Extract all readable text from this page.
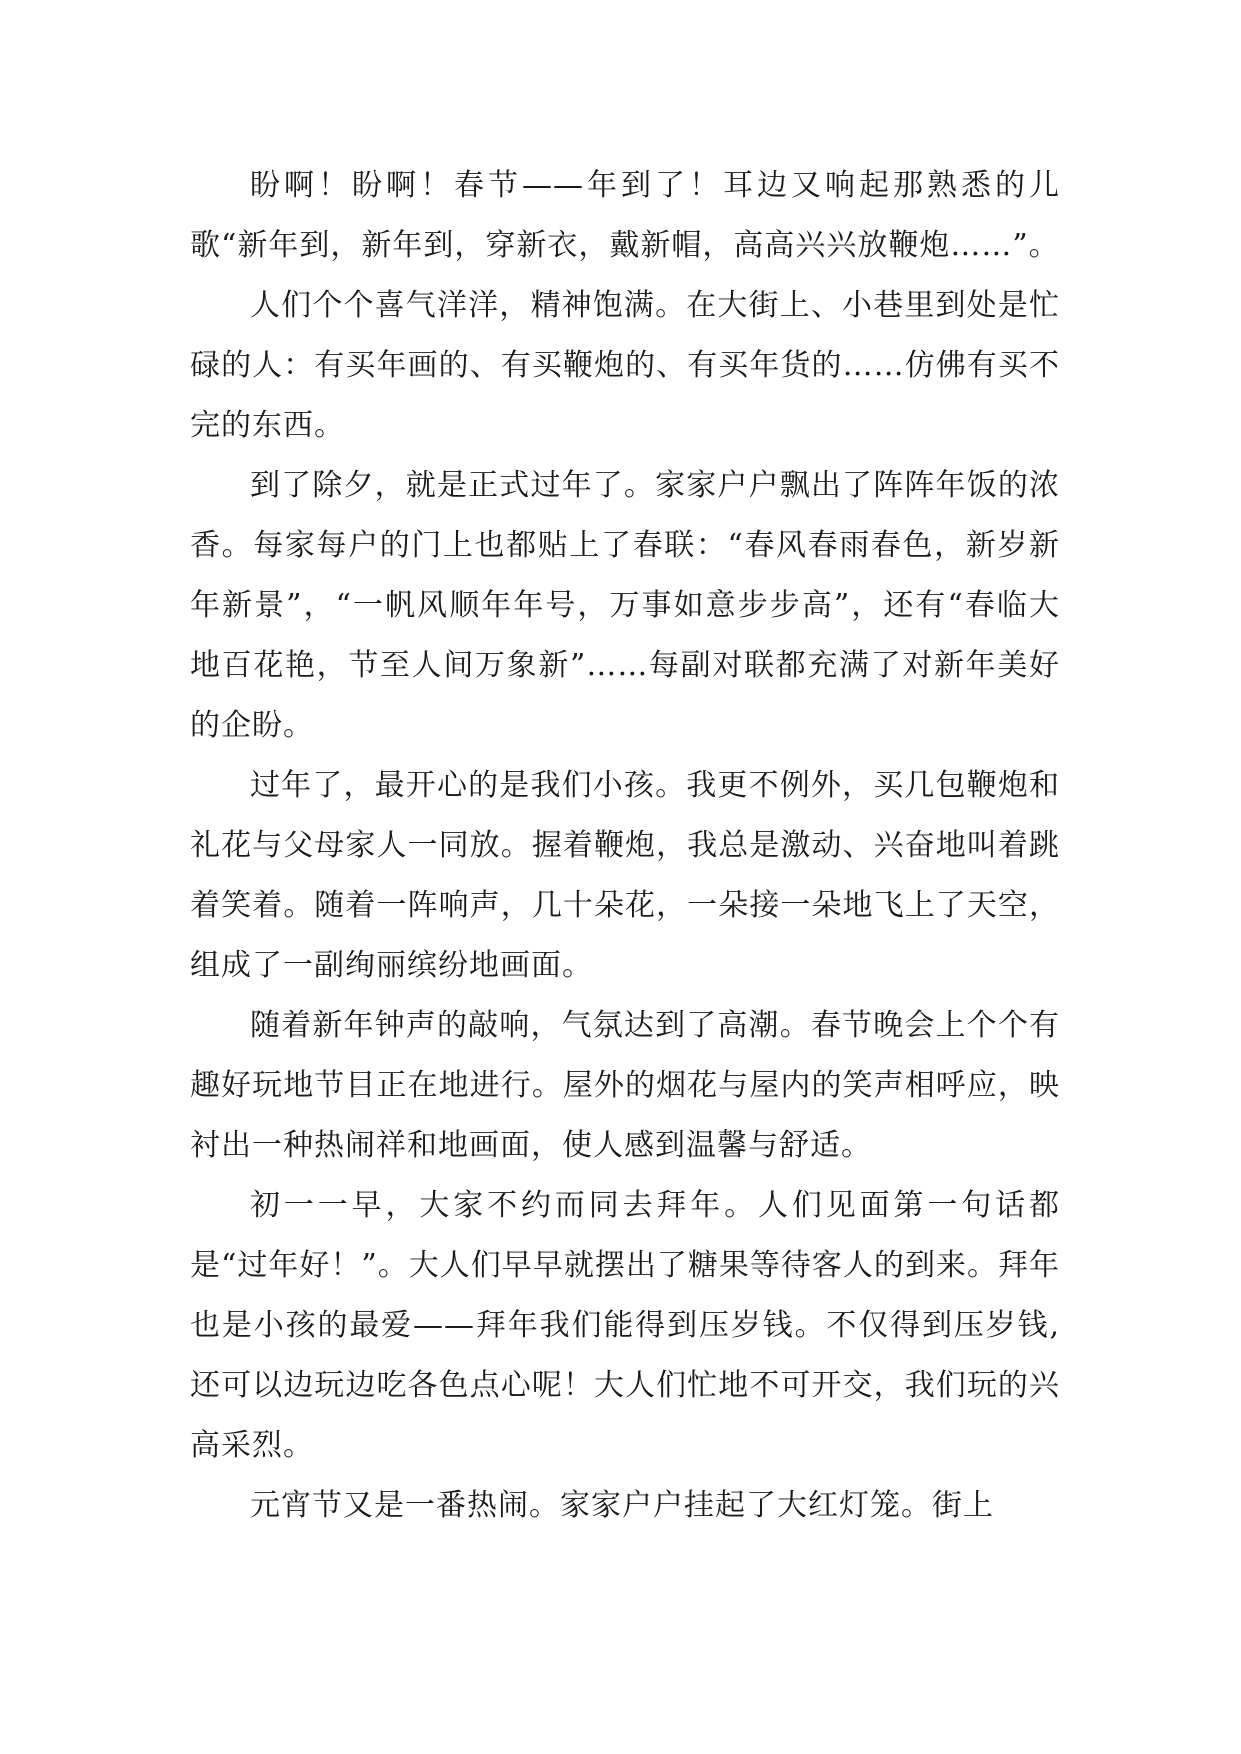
盼啊！盼啊！春节——年到了！耳边又响起那熟悉的儿歌“新年到，新年到，穿新衣，戴新帽，高高兴兴放鞭炮……”。

人们个个喜气洋洋，精神饱满。在大街上、小巷里到处是忙碌的人：有买年画的、有买鞭炮的、有买年货的……仿佛有买不完的东西。

到了除夕，就是正式过年了。家家户户飘出了阵阵年饭的浓香。每家每户的门上也都贴上了春联：“春风春雨春色，新岁新年新景”，“一帆风顺年年号，万事如意步步高”，还有“春临大地百花艳，节至人间万象新”……每副对联都充满了对新年美好的企盼。

过年了，最开心的是我们小孩。我更不例外，买几包鞭炮和礼花与父母家人一同放。握着鞭炮，我总是激动、兴奋地叫着跳着笑着。随着一阵响声，几十朵花，一朵接一朵地飞上了天空，组成了一副绚丽缤纷地画面。

随着新年钟声的敲响，气氛达到了高潮。春节晚会上个个有趣好玩地节目正在地进行。屋外的烟花与屋内的笑声相呼应，映衬出一种热闹祥和地画面，使人感到温馨与舒适。

初一一早，大家不约而同去拜年。人们见面第一句话都是“过年好！”。大人们早早就摆出了糖果等待客人的到来。拜年也是小孩的最爱——拜年我们能得到压岁钱。不仅得到压岁钱,还可以边玩边吃各色点心呢！大人们忙地不可开交，我们玩的兴高采烈。

元宵节又是一番热闹。家家户户挂起了大红灯笼。街上
